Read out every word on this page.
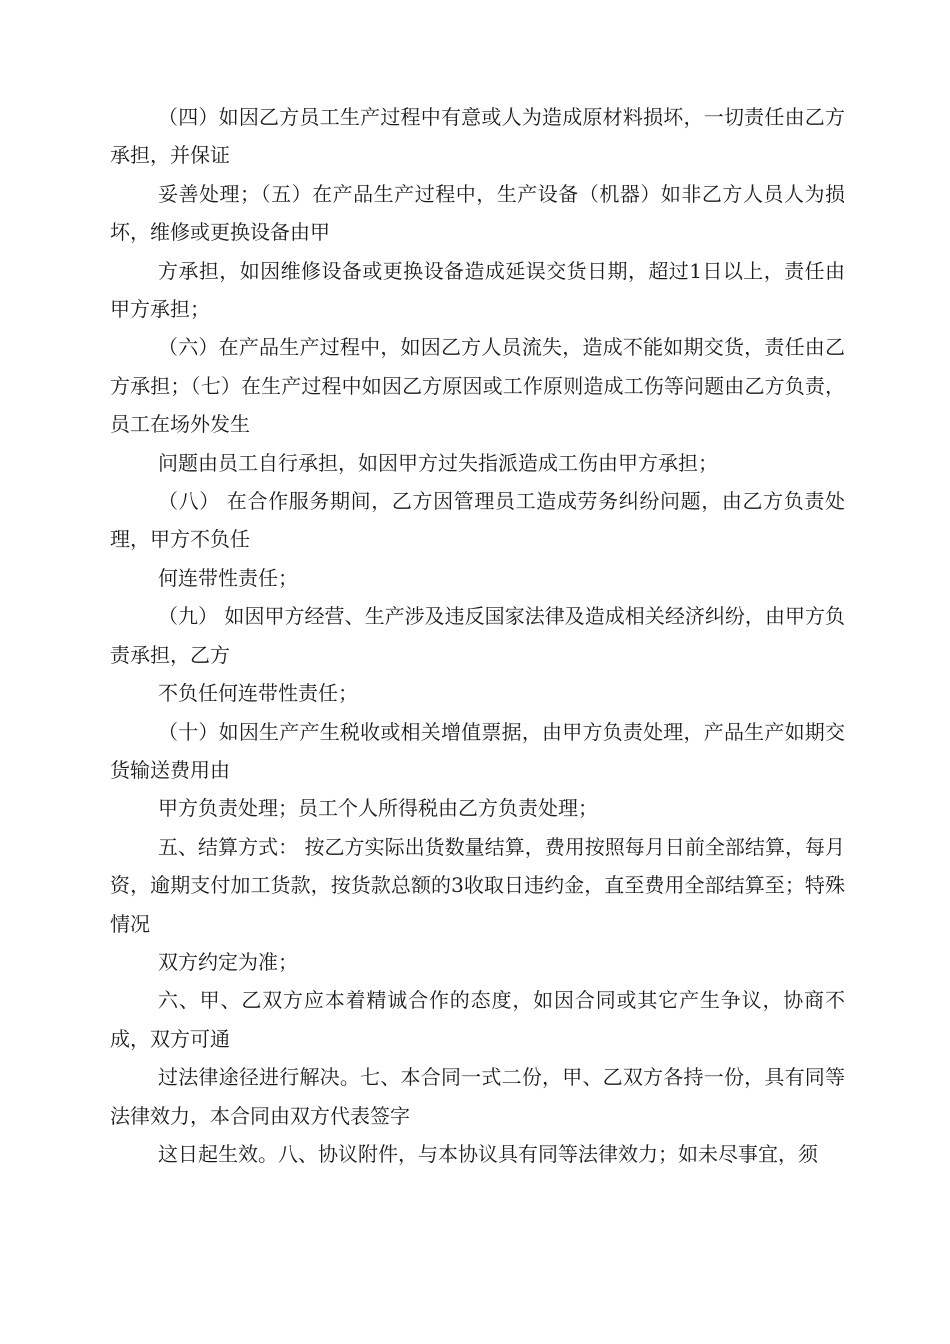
（四）如因乙方员工生产过程中有意或人为造成原材料损坏，一切责任由乙方承担，并保证

妥善处理；（五）在产品生产过程中，生产设备（机器）如非乙方人员人为损坏，维修或更换设备由甲

方承担，如因维修设备或更换设备造成延误交货日期，超过1日以上，责任由甲方承担；

（六）在产品生产过程中，如因乙方人员流失，造成不能如期交货，责任由乙方承担；（七）在生产过程中如因乙方原因或工作原则造成工伤等问题由乙方负责，员工在场外发生

问题由员工自行承担，如因甲方过失指派造成工伤由甲方承担；

（八） 在合作服务期间，乙方因管理员工造成劳务纠纷问题，由乙方负责处理，甲方不负任

何连带性责任；

（九） 如因甲方经营、生产涉及违反国家法律及造成相关经济纠纷，由甲方负责承担，乙方

不负任何连带性责任；

（十）如因生产产生税收或相关增值票据，由甲方负责处理，产品生产如期交货输送费用由

甲方负责处理；员工个人所得税由乙方负责处理；

五、结算方式： 按乙方实际出货数量结算，费用按照每月日前全部结算，每月资，逾期支付加工货款，按货款总额的3收取日违约金，直至费用全部结算至；特殊情况

双方约定为准；

六、甲、乙双方应本着精诚合作的态度，如因合同或其它产生争议，协商不成，双方可通

过法律途径进行解决。七、本合同一式二份，甲、乙双方各持一份，具有同等法律效力，本合同由双方代表签字

这日起生效。八、协议附件，与本协议具有同等法律效力；如未尽事宜，须
